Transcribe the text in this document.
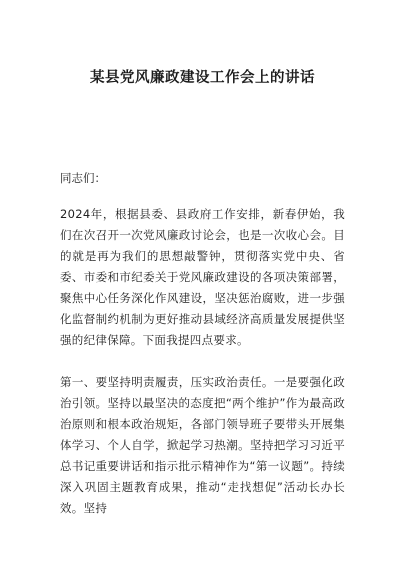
某县党风廉政建设工作会上的讲话

同志们：

2024年，根据县委、县政府工作安排，新春伊始，我们在次召开一次党风廉政讨论会，也是一次收心会。目的就是再为我们的思想敲警钟，贯彻落实党中央、省委、市委和市纪委关于党风廉政建设的各项决策部署，聚焦中心任务深化作风建设，坚决惩治腐败，进一步强化监督制约机制为更好推动县域经济高质量发展提供坚强的纪律保障。下面我提四点要求。

第一、要坚持明责履责，压实政治责任。一是要强化政治引领。坚持以最坚决的态度把“两个维护”作为最高政治原则和根本政治规矩，各部门领导班子要带头开展集体学习、个人自学，掀起学习热潮。坚持把学习习近平总书记重要讲话和指示批示精神作为“第一议题”。持续深入巩固主题教育成果，推动“走找想促”活动长办长效。坚持
